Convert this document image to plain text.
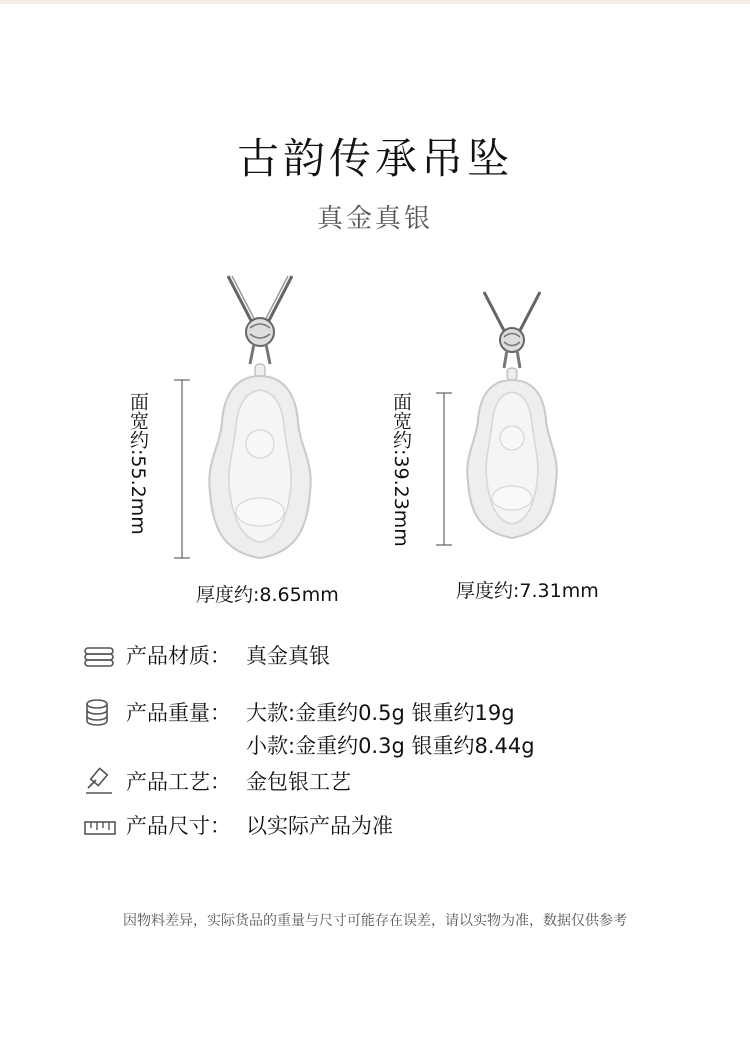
古韵传承吊坠
真金真银
面宽约:55.2mm
厚度约:8.65mm
面宽约:39.23mm
厚度约:7.31mm
产品材质： 真金真银
产品重量： 大款:金重约0.5g 银重约19g
小款:金重约0.3g 银重约8.44g
产品工艺： 金包银工艺
产品尺寸： 以实际产品为准
因物料差异，实际货品的重量与尺寸可能存在误差，请以实物为准，数据仅供参考
